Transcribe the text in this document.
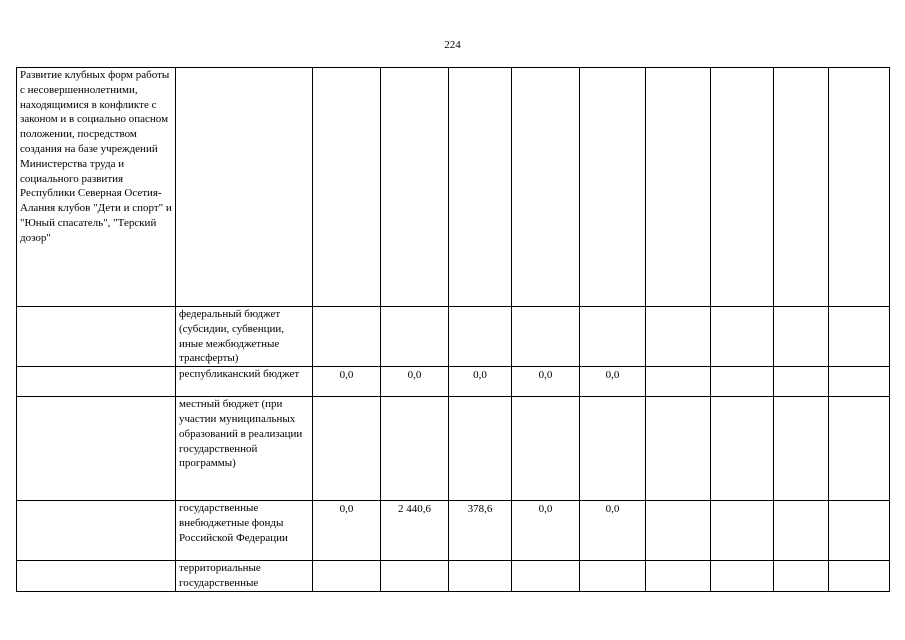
224
Развитие клубных форм работы с несовершеннолетними, находящимися в конфликте с законом и в социально опасном положении, посредством создания на базе учреждений Министерства труда и социального развития Республики Северная Осетия-Алания клубов "Дети и спорт" и "Юный спасатель", "Терский дозор"										
	федеральный бюджет (субсидии, субвенции, иные межбюджетные трансферты)									
	республиканский бюджет	0,0	0,0	0,0	0,0	0,0				
	местный бюджет (при участии муниципальных образований в реализации государственной программы)									
	государственные внебюджетные фонды Российской Федерации	0,0	2 440,6	378,6	0,0	0,0				
	территориальные государственные									
